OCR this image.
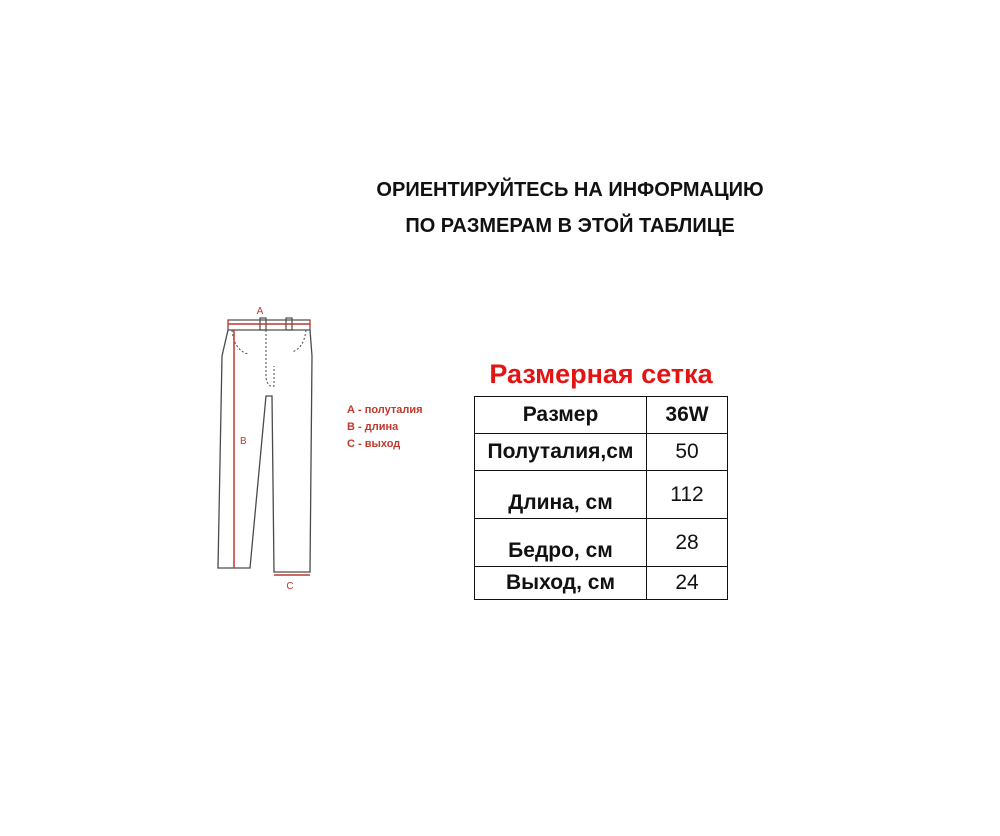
ОРИЕНТИРУЙТЕСЬ НА ИНФОРМАЦИЮ
ПО РАЗМЕРАМ В ЭТОЙ ТАБЛИЦЕ
A
B
C
А - полуталия
В - длина
С - выход
Размерная сетка
Размер	36W
Полуталия,см	50
Длина, см	112
Бедро, см	28
Выход, см	24
